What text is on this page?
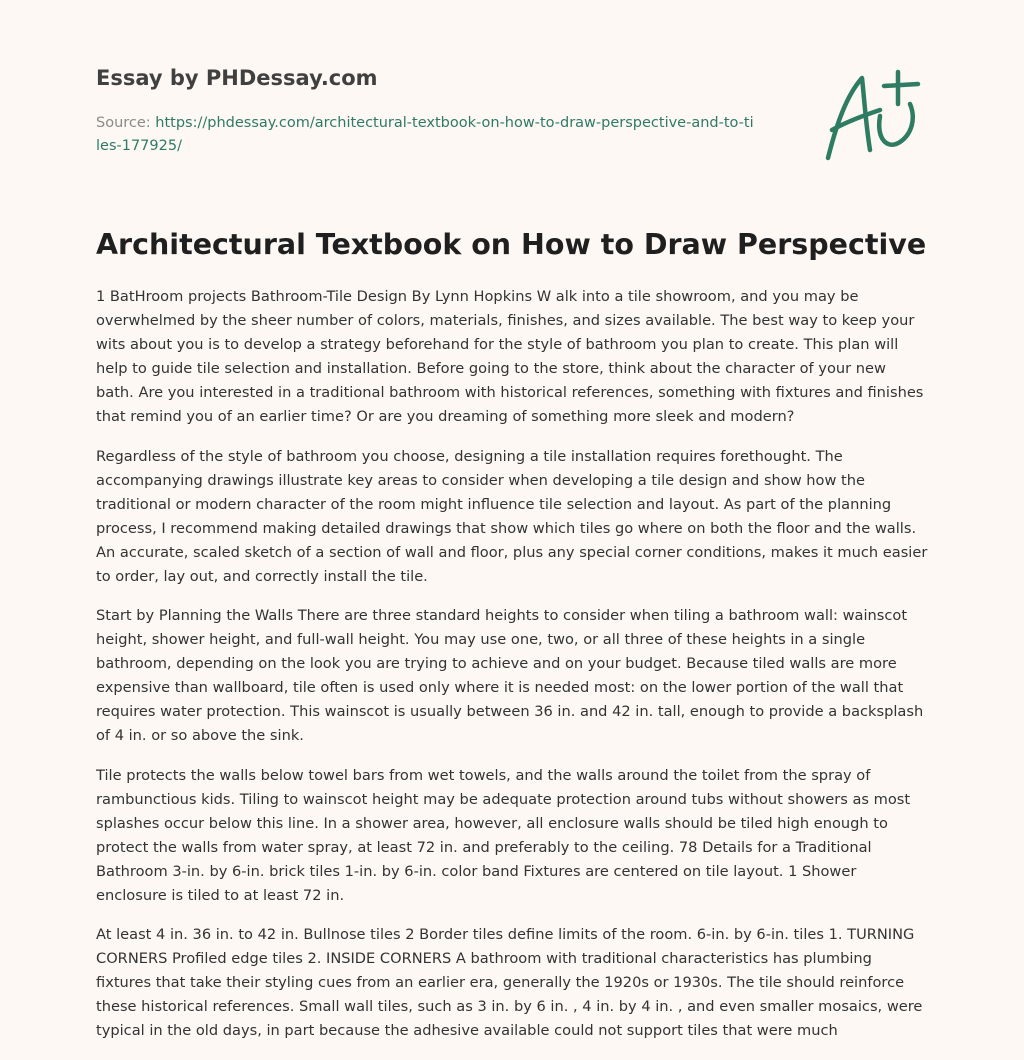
Essay by PHDessay.com
Source: https://phdessay.com/architectural-textbook-on-how-to-draw-perspective-and-to-tiles-177925/
Architectural Textbook on How to Draw Perspective

1 BatHroom projects Bathroom-Tile Design By Lynn Hopkins W alk into a tile showroom, and you may be overwhelmed by the sheer number of colors, materials, finishes, and sizes available. The best way to keep your wits about you is to develop a strategy beforehand for the style of bathroom you plan to create. This plan will help to guide tile selection and installation. Before going to the store, think about the character of your new bath. Are you interested in a traditional bathroom with historical references, something with fixtures and finishes that remind you of an earlier time? Or are you dreaming of something more sleek and modern?

Regardless of the style of bathroom you choose, designing a tile installation requires forethought. The accompanying drawings illustrate key areas to consider when developing a tile design and show how the traditional or modern character of the room might influence tile selection and layout. As part of the planning process, I recommend making detailed drawings that show which tiles go where on both the floor and the walls. An accurate, scaled sketch of a section of wall and floor, plus any special corner conditions, makes it much easier to order, lay out, and correctly install the tile.

Start by Planning the Walls There are three standard heights to consider when tiling a bathroom wall: wainscot height, shower height, and full-wall height. You may use one, two, or all three of these heights in a single bathroom, depending on the look you are trying to achieve and on your budget. Because tiled walls are more expensive than wallboard, tile often is used only where it is needed most: on the lower portion of the wall that requires water protection. This wainscot is usually between 36 in. and 42 in. tall, enough to provide a backsplash of 4 in. or so above the sink.

Tile protects the walls below towel bars from wet towels, and the walls around the toilet from the spray of rambunctious kids. Tiling to wainscot height may be adequate protection around tubs without showers as most splashes occur below this line. In a shower area, however, all enclosure walls should be tiled high enough to protect the walls from water spray, at least 72 in. and preferably to the ceiling. 78 Details for a Traditional Bathroom 3-in. by 6-in. brick tiles 1-in. by 6-in. color band Fixtures are centered on tile layout. 1 Shower enclosure is tiled to at least 72 in.

At least 4 in. 36 in. to 42 in. Bullnose tiles 2 Border tiles define limits of the room. 6-in. by 6-in. tiles 1. TURNING CORNERS Profiled edge tiles 2. INSIDE CORNERS A bathroom with traditional characteristics has plumbing fixtures that take their styling cues from an earlier era, generally the 1920s or 1930s. The tile should reinforce these historical references. Small wall tiles, such as 3 in. by 6 in. , 4 in. by 4 in. , and even smaller mosaics, were typical in the old days, in part because the adhesive available could not support tiles that were much
